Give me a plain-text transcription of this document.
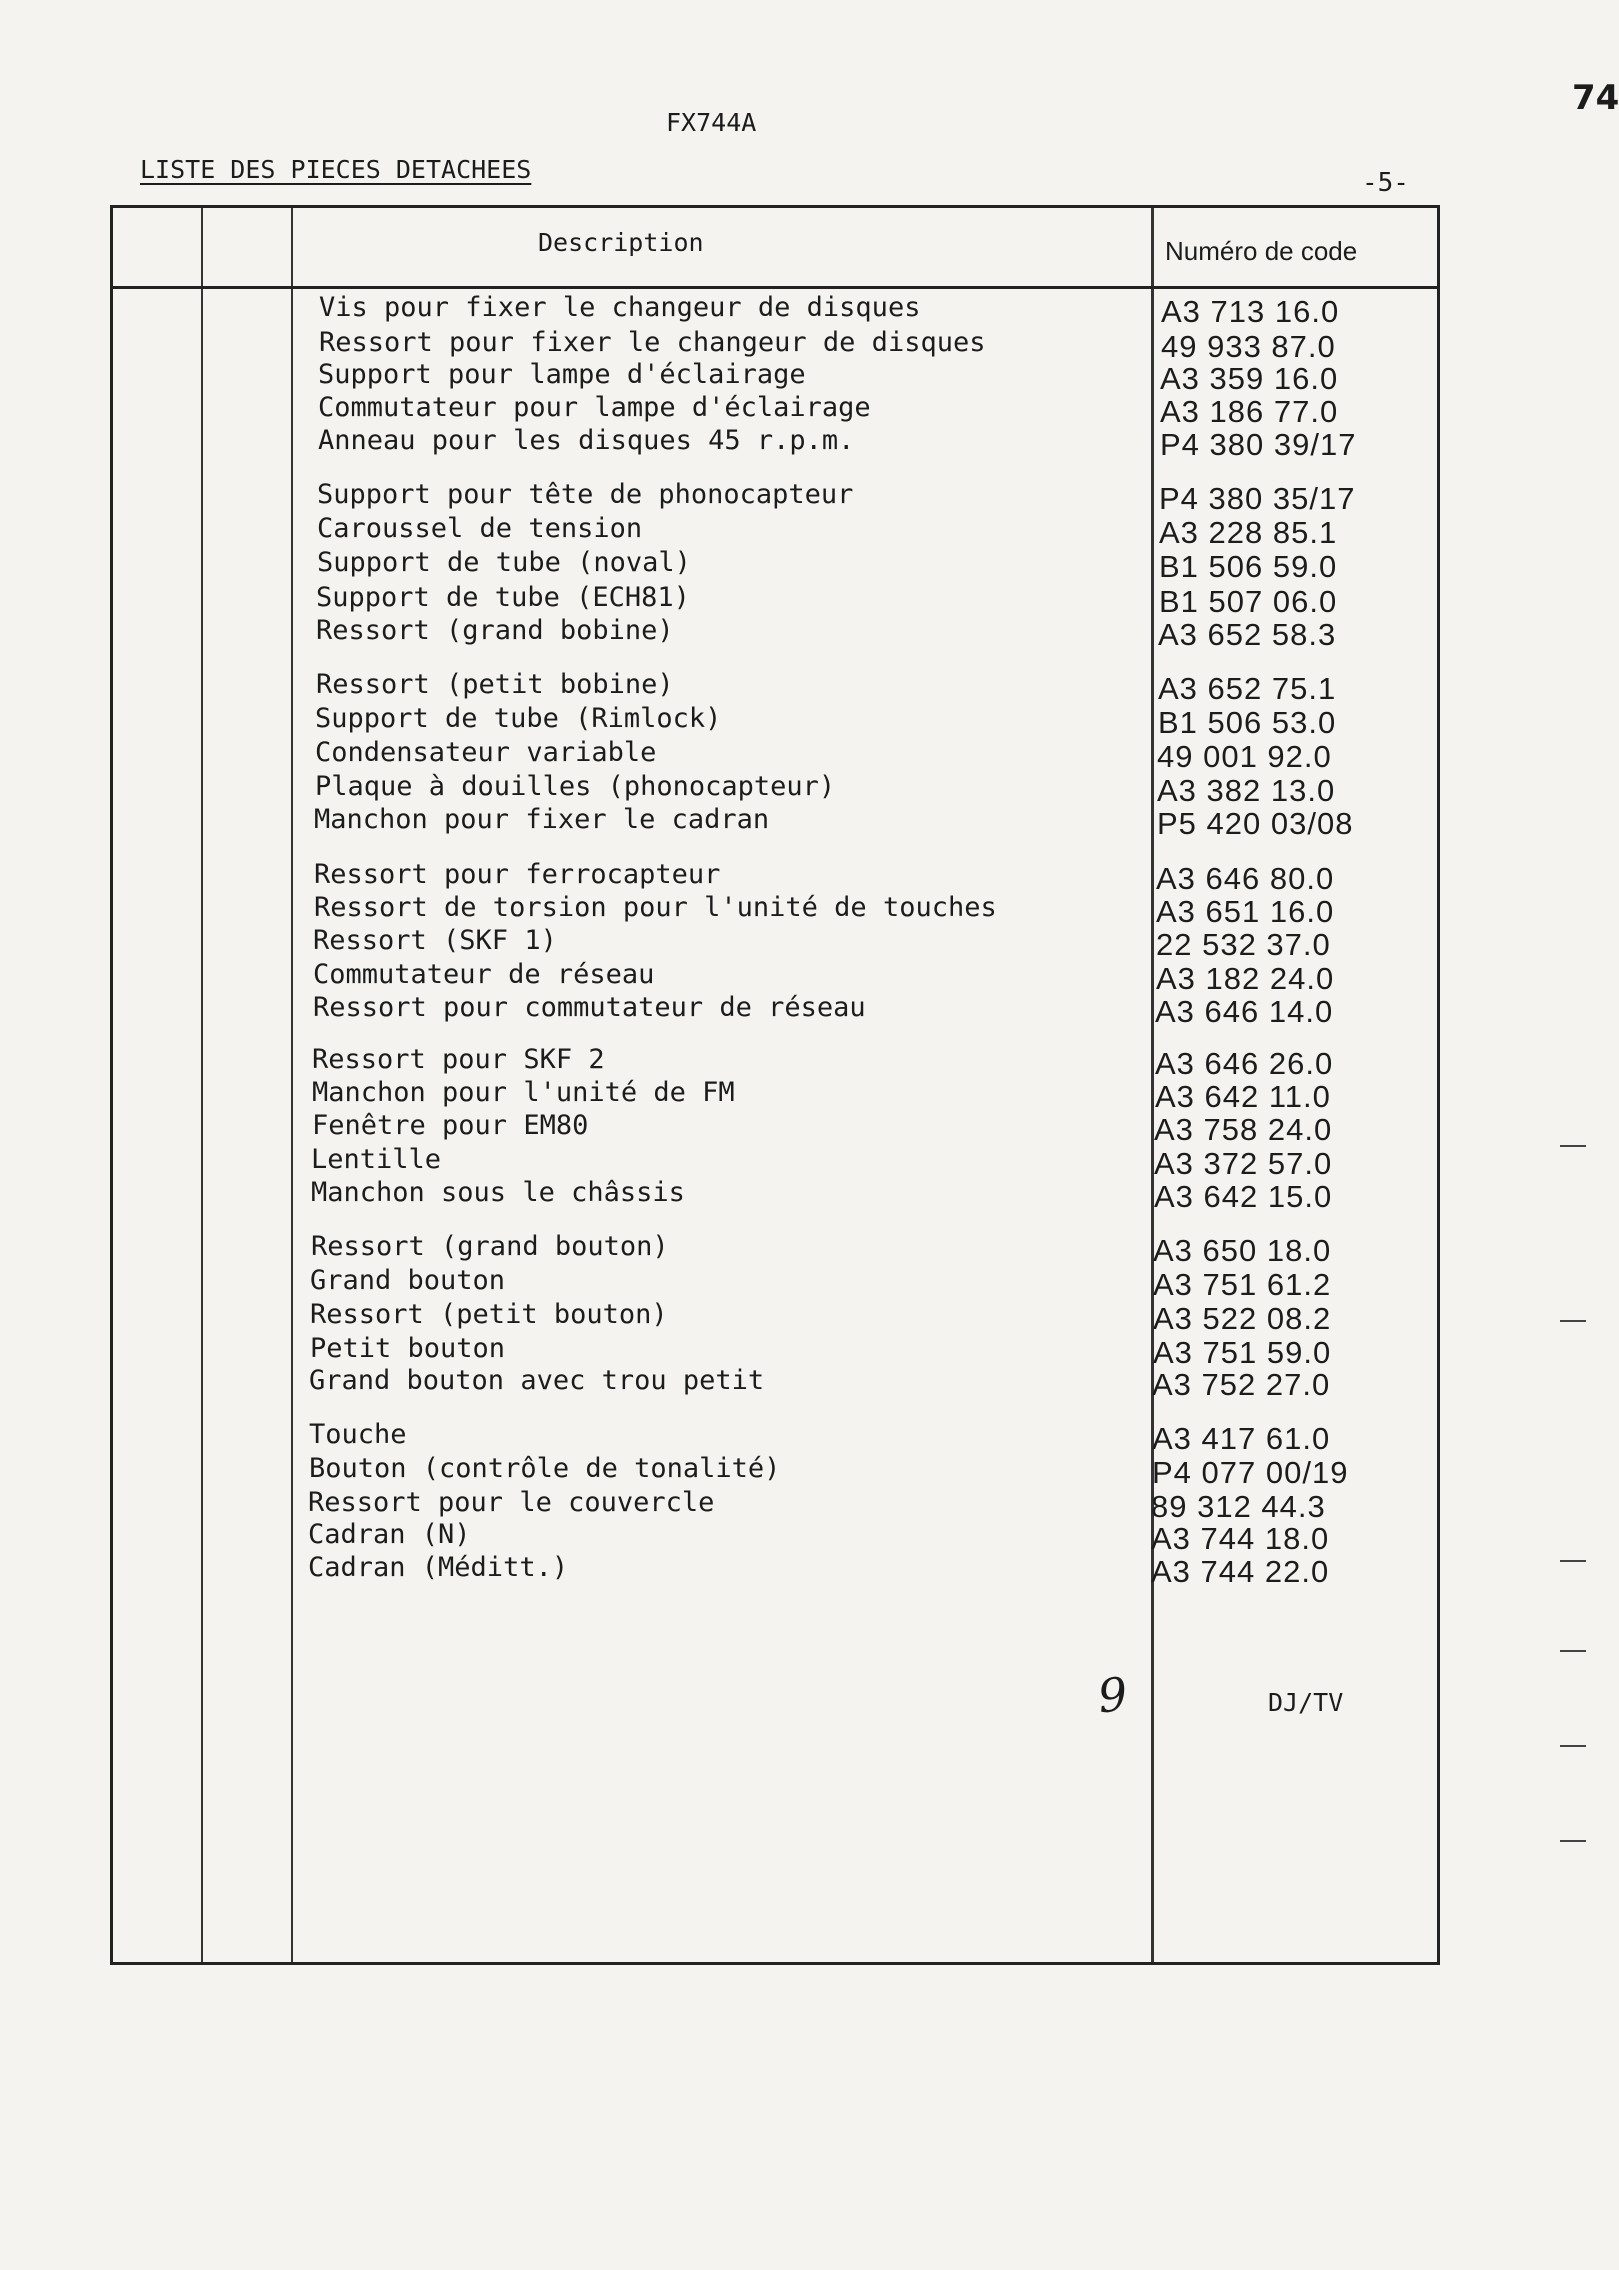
74
FX744A
LISTE DES PIECES DETACHEES	-5-
Description	Numéro de code
Vis pour fixer le changeur de disques	A3 713 16.0
Ressort pour fixer le changeur de disques	49 933 87.0
Support pour lampe d'éclairage	A3 359 16.0
Commutateur pour lampe d'éclairage	A3 186 77.0
Anneau pour les disques 45 r.p.m.	P4 380 39/17
Support pour tête de phonocapteur	P4 380 35/17
Caroussel de tension	A3 228 85.1
Support de tube (noval)	B1 506 59.0
Support de tube (ECH81)	B1 507 06.0
Ressort (grand bobine)	A3 652 58.3
Ressort (petit bobine)	A3 652 75.1
Support de tube (Rimlock)	B1 506 53.0
Condensateur variable	49 001 92.0
Plaque à douilles (phonocapteur)	A3 382 13.0
Manchon pour fixer le cadran	P5 420 03/08
Ressort pour ferrocapteur	A3 646 80.0
Ressort de torsion pour l'unité de touches	A3 651 16.0
Ressort (SKF 1)	22 532 37.0
Commutateur de réseau	A3 182 24.0
Ressort pour commutateur de réseau	A3 646 14.0
Ressort pour SKF 2	A3 646 26.0
Manchon pour l'unité de FM	A3 642 11.0
Fenêtre pour EM80	A3 758 24.0
Lentille	A3 372 57.0
Manchon sous le châssis	A3 642 15.0
Ressort (grand bouton)	A3 650 18.0
Grand bouton	A3 751 61.2
Ressort (petit bouton)	A3 522 08.2
Petit bouton	A3 751 59.0
Grand bouton avec trou petit	A3 752 27.0
Touche	A3 417 61.0
Bouton (contrôle de tonalité)	P4 077 00/19
Ressort pour le couvercle	89 312 44.3
Cadran (N)	A3 744 18.0
Cadran (Méditt.)	A3 744 22.0
9	DJ/TV
